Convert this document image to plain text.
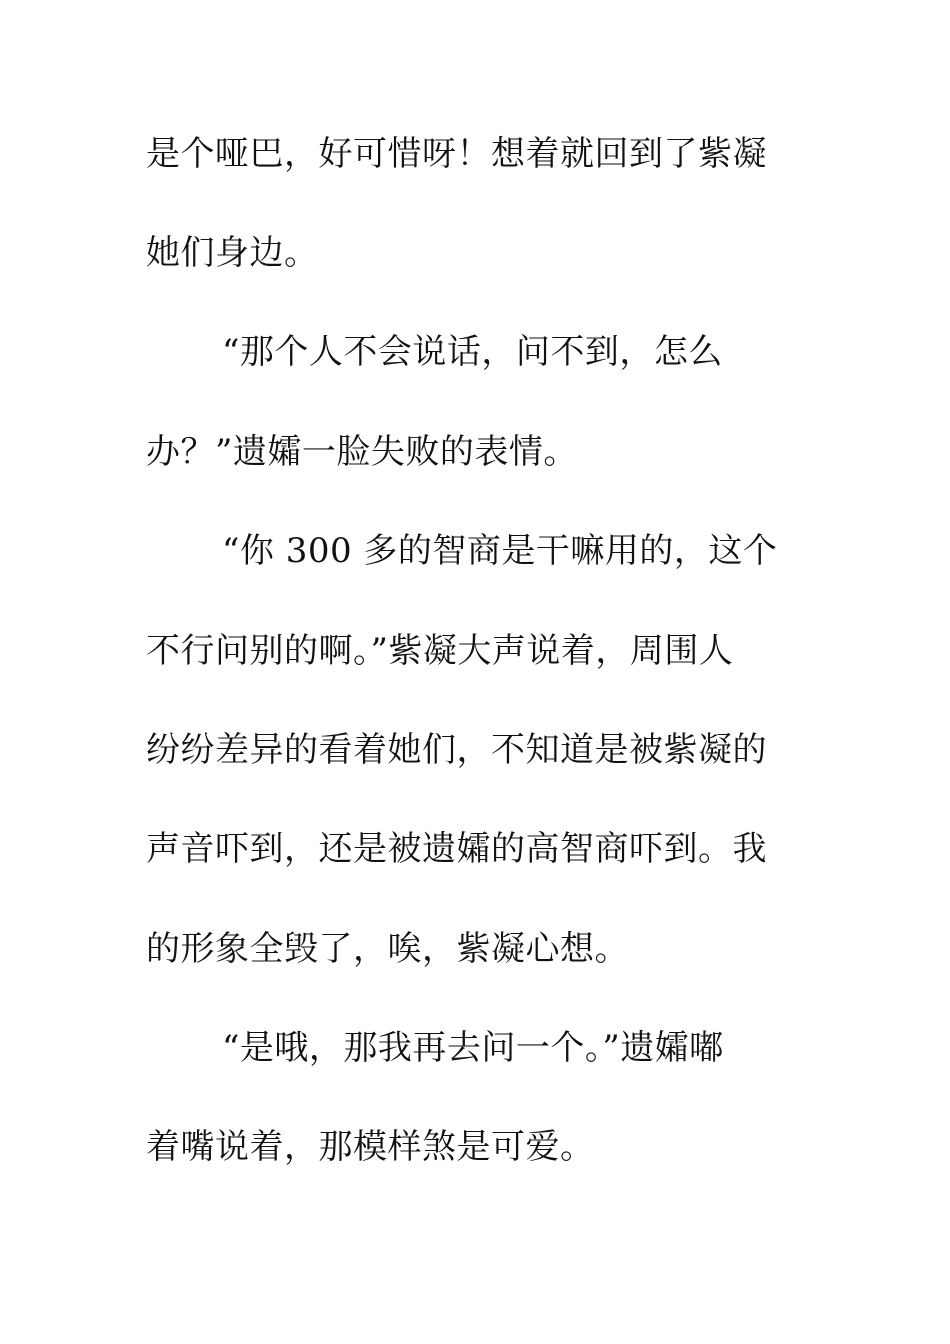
是个哑巴，好可惜呀！想着就回到了紫凝
她们身边。
“那个人不会说话，问不到，怎么
办？”遗孀一脸失败的表情。
“你 300 多的智商是干嘛用的，这个
不行问别的啊。”紫凝大声说着，周围人
纷纷差异的看着她们，不知道是被紫凝的
声音吓到，还是被遗孀的高智商吓到。我
的形象全毁了，唉，紫凝心想。
“是哦，那我再去问一个。”遗孀嘟
着嘴说着，那模样煞是可爱。
